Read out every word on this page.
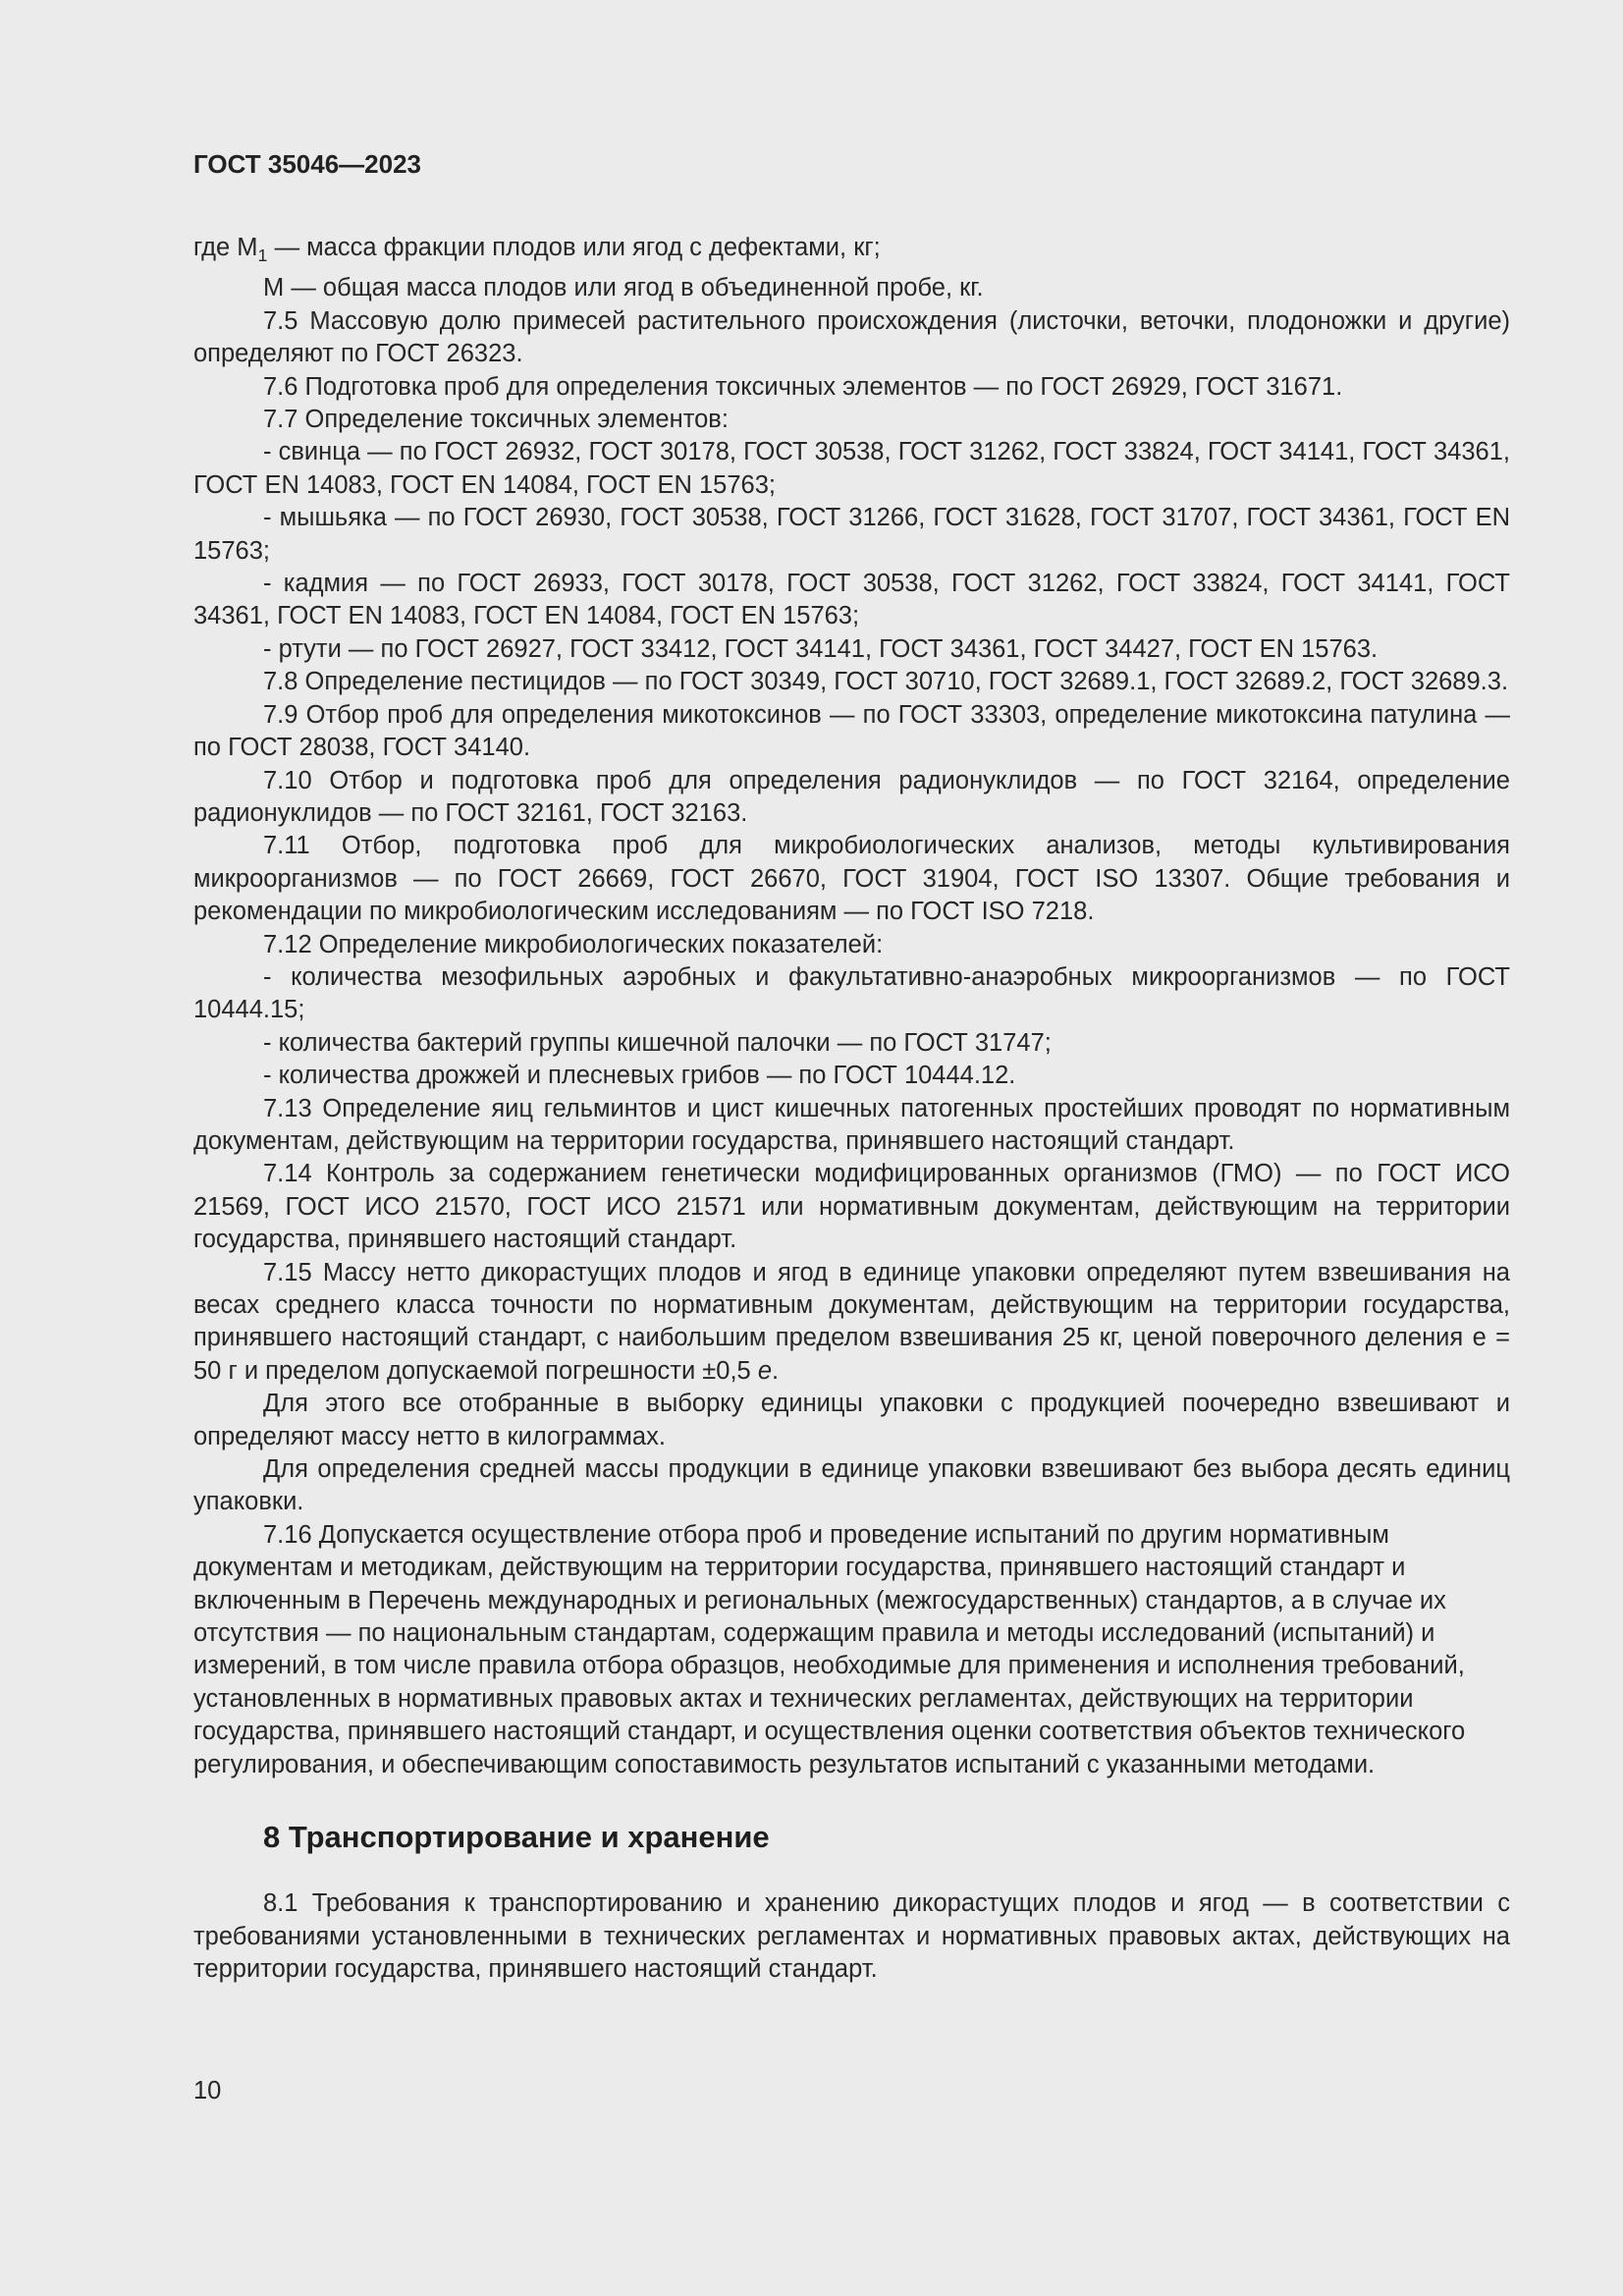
ГОСТ 35046—2023

где $M_1$ — масса фракции плодов или ягод с дефектами, кг;

M — общая масса плодов или ягод в объединенной пробе, кг.

7.5 Массовую долю примесей растительного происхождения (листочки, веточки, плодоножки и другие) определяют по ГОСТ 26323.

7.6 Подготовка проб для определения токсичных элементов — по ГОСТ 26929, ГОСТ 31671.

7.7 Определение токсичных элементов:

- свинца — по ГОСТ 26932, ГОСТ 30178, ГОСТ 30538, ГОСТ 31262, ГОСТ 33824, ГОСТ 34141, ГОСТ 34361, ГОСТ EN 14083, ГОСТ EN 14084, ГОСТ EN 15763;

- мышьяка — по ГОСТ 26930, ГОСТ 30538, ГОСТ 31266, ГОСТ 31628, ГОСТ 31707, ГОСТ 34361, ГОСТ EN 15763;

- кадмия — по ГОСТ 26933, ГОСТ 30178, ГОСТ 30538, ГОСТ 31262, ГОСТ 33824, ГОСТ 34141, ГОСТ 34361, ГОСТ EN 14083, ГОСТ EN 14084, ГОСТ EN 15763;

- ртути — по ГОСТ 26927, ГОСТ 33412, ГОСТ 34141, ГОСТ 34361, ГОСТ 34427, ГОСТ EN 15763.

7.8 Определение пестицидов — по ГОСТ 30349, ГОСТ 30710, ГОСТ 32689.1, ГОСТ 32689.2, ГОСТ 32689.3.

7.9 Отбор проб для определения микотоксинов — по ГОСТ 33303, определение микотоксина патулина — по ГОСТ 28038, ГОСТ 34140.

7.10 Отбор и подготовка проб для определения радионуклидов — по ГОСТ 32164, определение радионуклидов — по ГОСТ 32161, ГОСТ 32163.

7.11 Отбор, подготовка проб для микробиологических анализов, методы культивирования микроорганизмов — по ГОСТ 26669, ГОСТ 26670, ГОСТ 31904, ГОСТ ISO 13307. Общие требования и рекомендации по микробиологическим исследованиям — по ГОСТ ISO 7218.

7.12 Определение микробиологических показателей:

- количества мезофильных аэробных и факультативно-анаэробных микроорганизмов — по ГОСТ 10444.15;

- количества бактерий группы кишечной палочки — по ГОСТ 31747;

- количества дрожжей и плесневых грибов — по ГОСТ 10444.12.

7.13 Определение яиц гельминтов и цист кишечных патогенных простейших проводят по нормативным документам, действующим на территории государства, принявшего настоящий стандарт.

7.14 Контроль за содержанием генетически модифицированных организмов (ГМО) — по ГОСТ ИСО 21569, ГОСТ ИСО 21570, ГОСТ ИСО 21571 или нормативным документам, действующим на территории государства, принявшего настоящий стандарт.

7.15 Массу нетто дикорастущих плодов и ягод в единице упаковки определяют путем взвешивания на весах среднего класса точности по нормативным документам, действующим на территории государства, принявшего настоящий стандарт, с наибольшим пределом взвешивания 25 кг, ценой поверочного деления e = 50 г и пределом допускаемой погрешности ±0,5 e.

Для этого все отобранные в выборку единицы упаковки с продукцией поочередно взвешивают и определяют массу нетто в килограммах.

Для определения средней массы продукции в единице упаковки взвешивают без выбора десять единиц упаковки.

7.16 Допускается осуществление отбора проб и проведение испытаний по другим нормативным документам и методикам, действующим на территории государства, принявшего настоящий стандарт и включенным в Перечень международных и региональных (межгосударственных) стандартов, а в случае их отсутствия — по национальным стандартам, содержащим правила и методы исследований (испытаний) и измерений, в том числе правила отбора образцов, необходимые для применения и исполнения требований, установленных в нормативных правовых актах и технических регламентах, действующих на территории государства, принявшего настоящий стандарт, и осуществления оценки соответствия объектов технического регулирования, и обеспечивающим сопоставимость результатов испытаний с указанными методами.

8 Транспортирование и хранение

8.1 Требования к транспортированию и хранению дикорастущих плодов и ягод — в соответствии с требованиями установленными в технических регламентах и нормативных правовых актах, действующих на территории государства, принявшего настоящий стандарт.

10
